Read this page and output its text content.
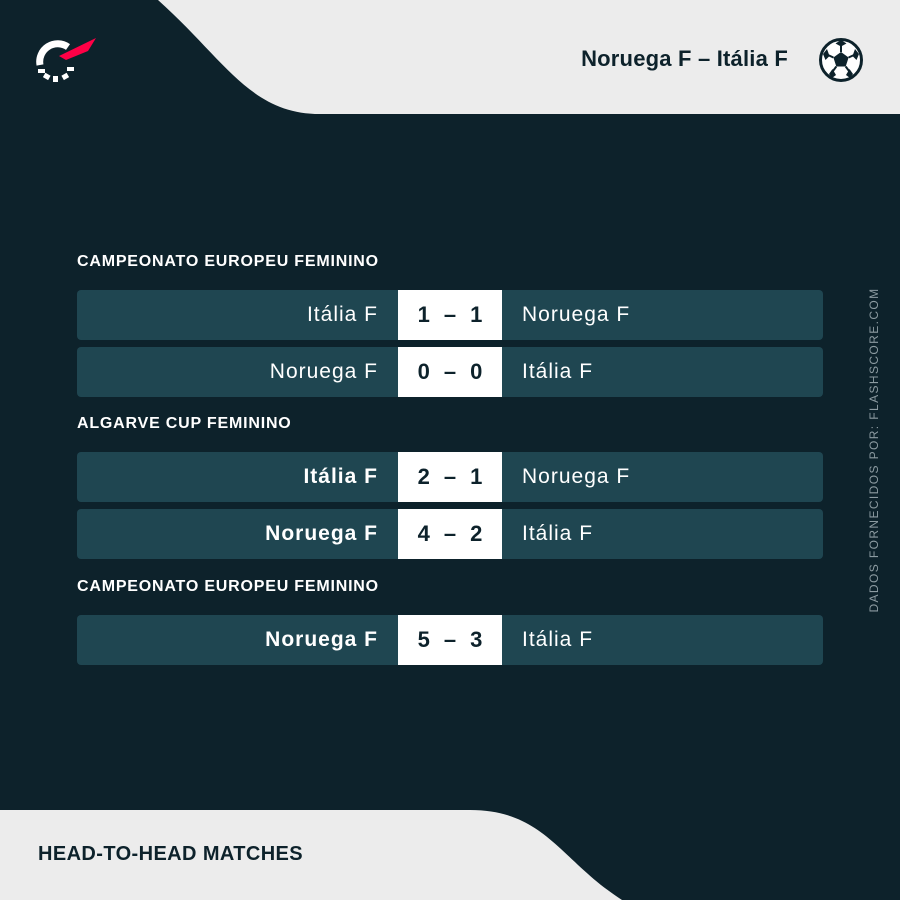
Noruega F – Itália F
CAMPEONATO EUROPEU FEMININO
Itália F 1 – 1 Noruega F
Noruega F 0 – 0 Itália F
ALGARVE CUP FEMININO
Itália F 2 – 1 Noruega F
Noruega F 4 – 2 Itália F
CAMPEONATO EUROPEU FEMININO
Noruega F 5 – 3 Itália F
DADOS FORNECIDOS POR: FLASHSCORE.COM
HEAD-TO-HEAD MATCHES
